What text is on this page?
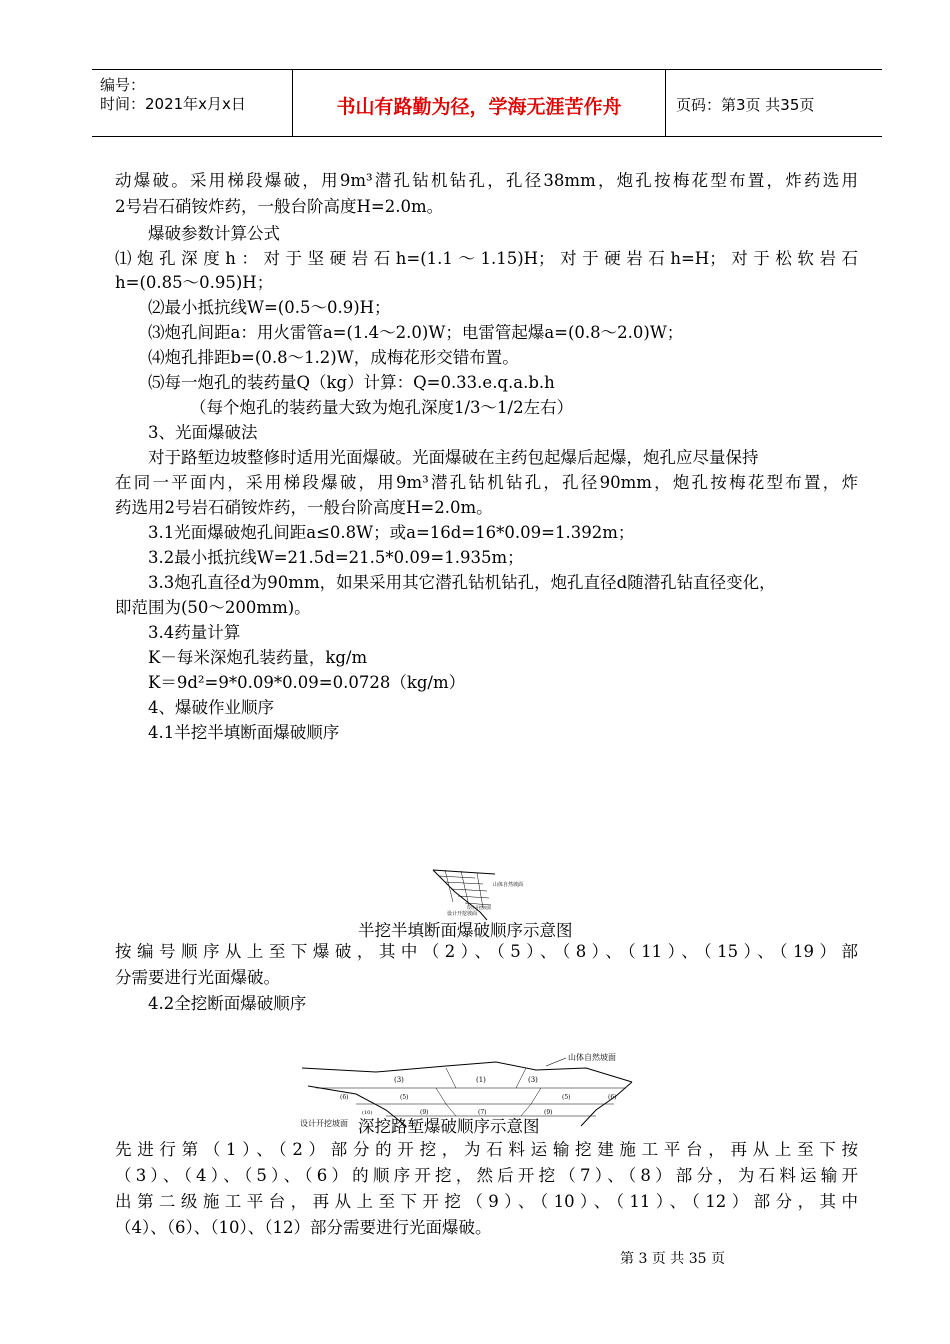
编号：
时间：2021年x月x日	书山有路勤为径，学海无涯苦作舟	页码：第3页 共35页
动爆破。采用梯段爆破，用9m³潜孔钻机钻孔，孔径38mm，炮孔按梅花型布置，炸药选用
2号岩石硝铵炸药，一般台阶高度H=2.0m。
爆破参数计算公式
⑴炮孔深度h：对于坚硬岩石h=(1.1～1.15)H；对于硬岩石h=H；对于松软岩石
h=(0.85～0.95)H；
⑵最小抵抗线W=(0.5～0.9)H；
⑶炮孔间距a：用火雷管a=(1.4～2.0)W；电雷管起爆a=(0.8～2.0)W；
⑷炮孔排距b=(0.8～1.2)W，成梅花形交错布置。
⑸每一炮孔的装药量Q（kg）计算：Q=0.33.e.q.a.b.h
（每个炮孔的装药量大致为炮孔深度1/3～1/2左右）
3、光面爆破法
对于路堑边坡整修时适用光面爆破。光面爆破在主药包起爆后起爆，炮孔应尽量保持
在同一平面内，采用梯段爆破，用9m³潜孔钻机钻孔，孔径90mm，炮孔按梅花型布置，炸
药选用2号岩石硝铵炸药，一般台阶高度H=2.0m。
3.1光面爆破炮孔间距a≤0.8W；或a=16d=16*0.09=1.392m；
3.2最小抵抗线W=21.5d=21.5*0.09=1.935m；
3.3炮孔直径d为90mm，如果采用其它潜孔钻机钻孔，炮孔直径d随潜孔钻直径变化，
即范围为(50～200mm)。
3.4药量计算
K－每米深炮孔装药量，kg/m
K＝9d²=9*0.09*0.09=0.0728（kg/m）
4、爆破作业顺序
4.1半挖半填断面爆破顺序
山体自然坡面
设计开挖坡面
设计开挖坡面
半挖半填断面爆破顺序示意图
按编号顺序从上至下爆破，其中（2）、（5）、（8）、（11）、（15）、（19）部
分需要进行光面爆破。
4.2全挖断面爆破顺序
山体自然坡面
(1)
(3)	(3)
(6)	(5)	(5)	(6)
(10)	(9)	(7)	(9)
设计开挖坡面 深挖路堑爆破顺序示意图
先进行第（1）、（2）部分的开挖，为石料运输挖建施工平台，再从上至下按
（3）、（4）、（5）、（6）的顺序开挖，然后开挖（7）、（8）部分，为石料运输开
出第二级施工平台，再从上至下开挖（9）、（10）、（11）、（12）部分，其中
（4）、（6）、（10）、（12）部分需要进行光面爆破。
第 3 页 共 35 页
